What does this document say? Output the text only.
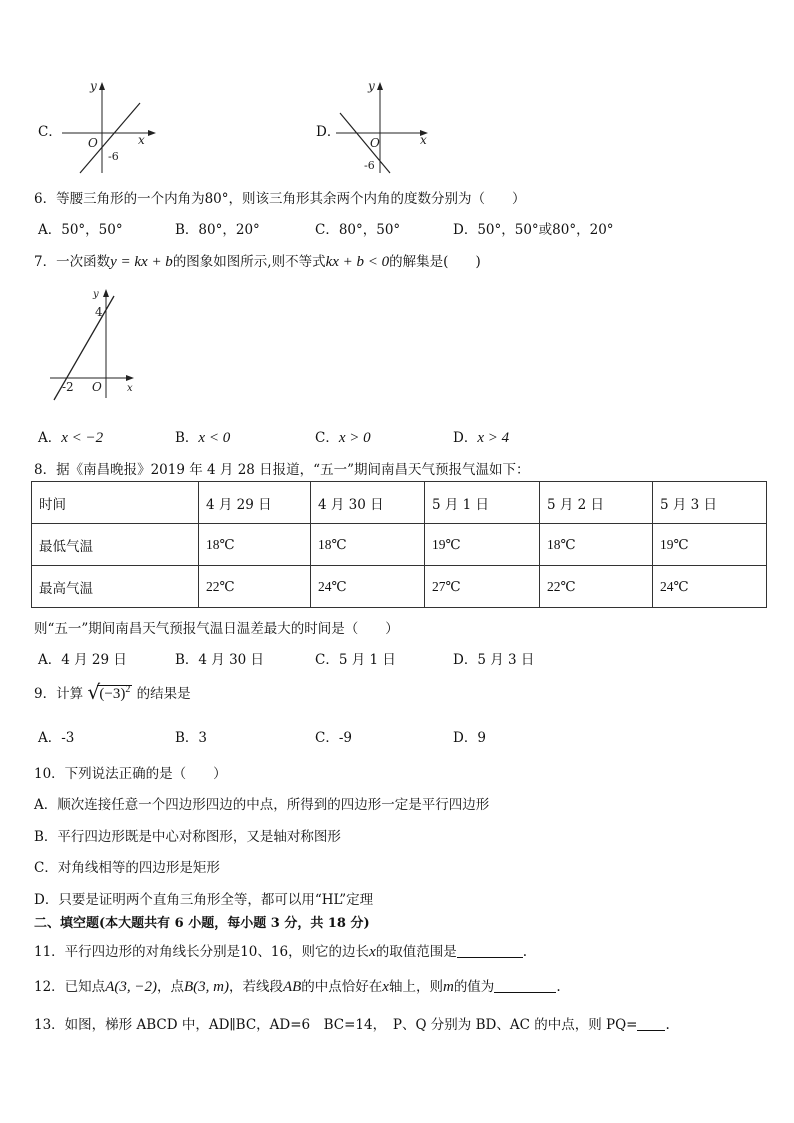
C．
y
x
O
-6
D．
y
x
O
-6
6．等腰三角形的一个内角为80°，则该三角形其余两个内角的度数分别为（　　）
A．50°，50°	B．80°，20°	C．80°，50°	D．50°，50°或80°，20°
7．一次函数y = kx + b的图象如图所示,则不等式kx + b < 0的解集是(　　)
y
x
O
-2
4
A．x < −2	B．x < 0	C．x > 0	D．x > 4
8．据《南昌晚报》2019 年 4 月 28 日报道，“五一”期间南昌天气预报气温如下：
时间	4 月 29 日	4 月 30 日	5 月 1 日	5 月 2 日	5 月 3 日
最低气温	18℃	18℃	19℃	18℃	19℃
最高气温	22℃	24℃	27℃	22℃	24℃
则“五一”期间南昌天气预报气温日温差最大的时间是（　　）
A．4 月 29 日	B．4 月 30 日	C．5 月 1 日	D．5 月 3 日
9．计算 √ $(-3)^2$ 的结果是
A．-3	B．3	C．-9	D．9
10．下列说法正确的是（　　）
A．顺次连接任意一个四边形四边的中点，所得到的四边形一定是平行四边形
B．平行四边形既是中心对称图形，又是轴对称图形
C．对角线相等的四边形是矩形
D．只要是证明两个直角三角形全等，都可以用“HL”定理
二、填空题(本大题共有 6 小题，每小题 3 分，共 18 分)
11．平行四边形的对角线长分别是10、16，则它的边长x的取值范围是	.
12．已知点A(3, −2)，点B(3, m)，若线段AB的中点恰好在x轴上，则m的值为	.
13．如图，梯形 ABCD 中，AD∥BC，AD=6　BC=14，　P、Q 分别为 BD、AC 的中点，则 PQ= .
